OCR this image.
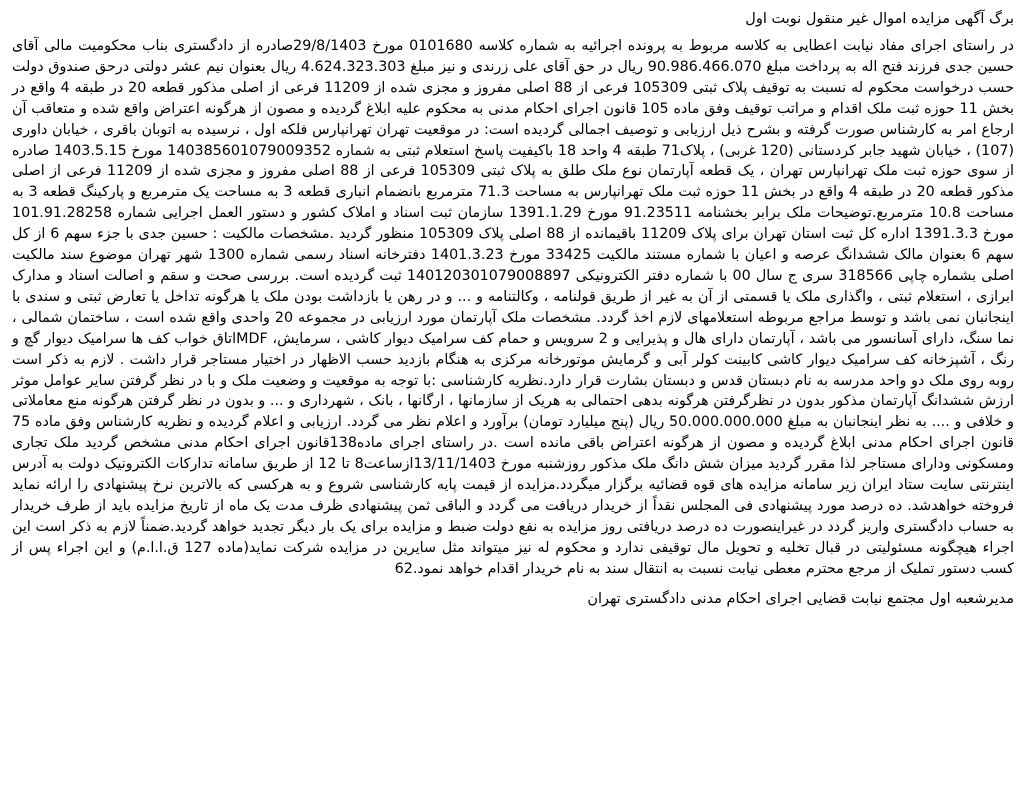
برگ آگهی مزایده اموال غیر منقول نوبت اول

در راستای اجرای مفاد نیابت اعطایی به کلاسه مربوط به پرونده اجرائیه به شماره کلاسه 0101680 مورخ 29/8/1403صادره از دادگستری بناب محکومیت مالی آقای حسین جدی فرزند فتح اله به پرداخت مبلغ 90.986.466.070 ریال در حق آقای علی زرندی و نیز مبلغ 4.624.323.303 ریال بعنوان نیم عشر دولتی درحق صندوق دولت حسب درخواست محکوم له نسبت به توقیف پلاک ثبتی 105309 فرعی از 88 اصلی مفروز و مجزی شده از 11209 فرعی از اصلی مذکور قطعه 20 در طبقه 4 واقع در بخش 11 حوزه ثبت ملک اقدام و مراتب توقیف وفق ماده 105 قانون اجرای احکام مدنی به محکوم علیه ابلاغ گردیده و مصون از هرگونه اعتراض واقع شده و متعاقب آن ارجاع امر به کارشناس صورت گرفته و بشرح ذیل ارزیابی و توصیف اجمالی گردیده است: در موقعیت تهران تهرانپارس فلکه اول ، نرسیده به اتوبان باقری ، خیابان داوری (107) ، خیابان شهید جابر کردستانی (120 غربی) ، پلاک71 طبقه 4 واحد 18 باکیفیت پاسخ استعلام ثبتی به شماره 14038560107900935‌2 مورخ 1403.5.15 صادره از سوی حوزه ثبت ملک تهرانپارس تهران ، یک قطعه آپارتمان نوع ملک طلق به پلاک ثبتی 105309 فرعی از 88 اصلی مفروز و مجزی شده از 11209 فرعی از اصلی مذکور قطعه 20 در طبقه 4 واقع در بخش 11 حوزه ثبت ملک تهرانپارس به مساحت 71.3 مترمربع بانضمام انباری قطعه 3 به مساحت یک مترمربع و پارکینگ قطعه 3 به مساحت 10.8 مترمربع.توضیحات ملک برابر بخشنامه 91.23511 مورخ 1391.1.29 سازمان ثبت اسناد و املاک کشور و دستور العمل اجرایی شماره 101.91.28258 مورخ 1391.3.3 اداره کل ثبت استان تهران برای پلاک 11209 باقیمانده از 88 اصلی پلاک 105309 منظور گردید .مشخصات مالکیت : حسین جدی با جزء سهم 6 از کل سهم 6 بعنوان مالک ششدانگ عرصه و اعیان با شماره مستند مالکیت 33425 مورخ 1401.3.23 دفترخانه اسناد رسمی شماره 1300 شهر تهران موضوع سند مالکیت اصلی بشماره چاپی 318566 سری ج سال 00 با شماره دفتر الکترونیکی 140120301079008897 ثبت گردیده است. بررسی صحت و سقم و اصالت اسناد و مدارک ابرازی ، استعلام ثبتی ، واگذاری ملک یا قسمتی از آن به غیر از طریق قولنامه ، وکالتنامه و ... و در رهن یا بازداشت بودن ملک یا هرگونه تداخل یا تعارض ثبتی و سندی با اینجانبان نمی باشد و توسط مراجع مربوطه استعلامهای لازم اخذ گردد. مشخصات ملک آپارتمان مورد ارزیابی در مجموعه 20 واحدی واقع شده است ، ساختمان شمالی ، نما سنگ، دارای آسانسور می باشد ، آپارتمان دارای هال و پذیرایی و 2 سرویس و حمام کف سرامیک دیوار کاشی ، سرمایش، MDFاتاق خواب کف ها سرامیک دیوار گچ و رنگ ، آشپزخانه کف سرامیک دیوار کاشی کابینت کولر آبی و گرمایش موتورخانه مرکزی به هنگام بازدید حسب الاظهار در اختیار مستاجر قرار داشت . لازم به ذکر است روبه روی ملک دو واحد مدرسه به نام دبستان قدس و دبستان بشارت قرار دارد.نظریه کارشناسی :با توجه به موقعیت و وضعیت ملک و با در نظر گرفتن سایر عوامل موثر ارزش ششدانگ آپارتمان مذکور بدون در نظرگرفتن هرگونه بدهی احتمالی به هریک از سازمانها ، ارگانها ، بانک ، شهرداری و ... و بدون در نظر گرفتن هرگونه منع معاملاتی و خلافی و .... به نظر اینجانبان به مبلغ 50.000.000.000 ریال (پنج میلیارد تومان) برآورد و اعلام نظر می گردد. ارزیابی و اعلام گردیده و نظریه کارشناس وفق ماده 75 قانون اجرای احکام مدنی ابلاغ گردیده و مصون از هرگونه اعتراض باقی مانده است .در راستای اجرای ماده138قانون اجرای احکام مدنی مشخص گردید ملک تجاری ومسکونی ودارای مستاجر لذا مقرر گردید میزان شش دانگ ملک مذکور روزشنبه مورخ 13/11/1403ازساعت8 تا 12 از طریق سامانه تدارکات الکترونیک دولت به آدرس اینترنتی سایت ستاد ایران زیر سامانه مزایده های قوه قضائیه برگزار میگردد.مزایده از قیمت پایه کارشناسی شروع و به هرکسی که بالاترین نرخ پیشنهادی را ارائه نماید فروخته خواهدشد. ده درصد مورد پیشنهادی فی المجلس نقداً از خریدار دریافت می گردد و الباقی ثمن پیشنهادی ظرف مدت یک ماه از تاریخ مزایده باید از طرف خریدار به حساب دادگستری واریز گردد در غیراینصورت ده درصد دریافتی روز مزایده به نفع دولت ضبط و مزایده برای یک بار دیگر تجدید خواهد گردید.ضمناً لازم به ذکر است این اجراء هیچگونه مسئولیتی در قبال تخلیه و تحویل مال توقیفی ندارد و محکوم له نیز میتواند مثل سایرین در مزایده شرکت نماید(ماده 127 ق.ا.ا.م) و این اجراء پس از کسب دستور تملیک از مرجع محترم معطی نیابت نسبت به انتقال سند به نام خریدار اقدام خواهد نمود.62

مدیرشعبه اول مجتمع نیابت قضایی اجرای احکام مدنی دادگستری تهران
